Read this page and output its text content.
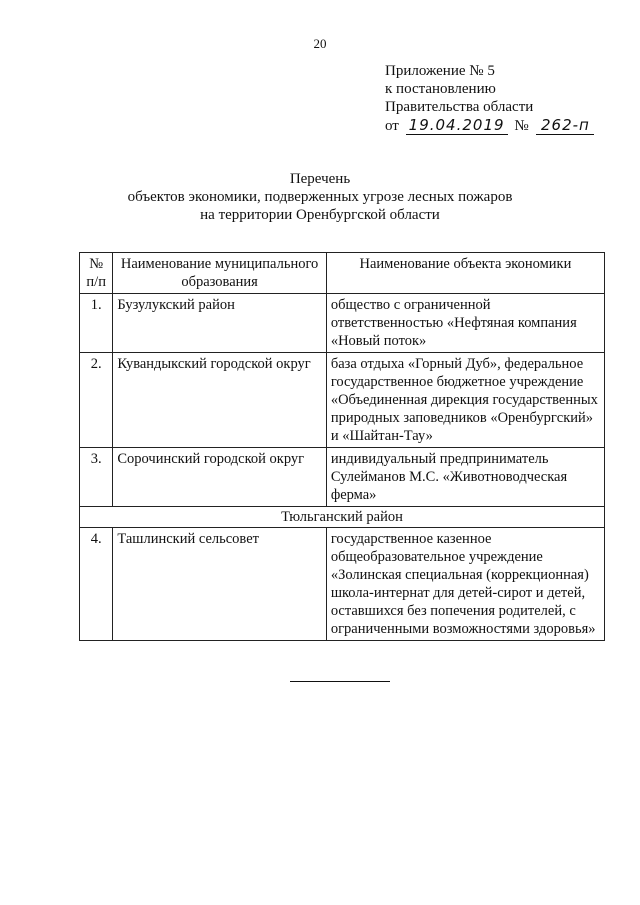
20
Приложение № 5
к постановлению
Правительства области
от 19.04.2019 № 262-п
Перечень
объектов экономики, подверженных угрозе лесных пожаров
на территории Оренбургской области
№ п/п	Наименование муниципального образования	Наименование объекта экономики
1.	Бузулукский район	общество с ограниченной ответственностью «Нефтяная компания «Новый поток»
2.	Кувандыкский городской округ	база отдыха «Горный Дуб», федеральное государственное бюджетное учреждение «Объединенная дирекция государственных природных заповедников «Оренбургский» и «Шайтан-Тау»
3.	Сорочинский городской округ	индивидуальный предприниматель Сулейманов М.С. «Животноводческая ферма»
Тюльганский район		
4.	Ташлинский сельсовет	государственное казенное общеобразовательное учреждение «Золинская специальная (коррекционная) школа-интернат для детей-сирот и детей, оставшихся без попечения родителей, с ограниченными возможностями здоровья»
